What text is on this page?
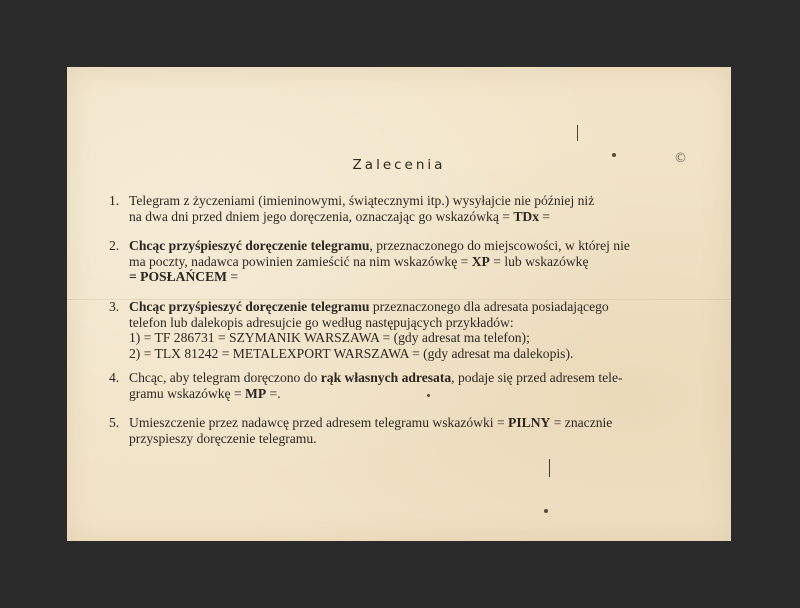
Zalecenia	©
1. Telegram z życzeniami (imieninowymi, świątecznymi itp.) wysyłajcie nie później niż

na dwa dni przed dniem jego doręczenia, oznaczając go wskazówką = TDx =

2. Chcąc przyśpieszyć doręczenie telegramu, przeznaczonego do miejscowości, w której nie

ma poczty, nadawca powinien zamieścić na nim wskazówkę = XP = lub wskazówkę

= POSŁAŃCEM =

3. Chcąc przyśpieszyć doręczenie telegramu przeznaczonego dla adresata posiadającego

telefon lub dalekopis adresujcie go według następujących przykładów:

1) = TF 286731 = SZYMANIK WARSZAWA = (gdy adresat ma telefon);

2) = TLX 81242 = METALEXPORT WARSZAWA = (gdy adresat ma dalekopis).

4. Chcąc, aby telegram doręczono do rąk własnych adresata, podaje się przed adresem tele-

gramu wskazówkę = MP =.

5. Umieszczenie przez nadawcę przed adresem telegramu wskazówki = PILNY = znacznie

przyspieszy doręczenie telegramu.
